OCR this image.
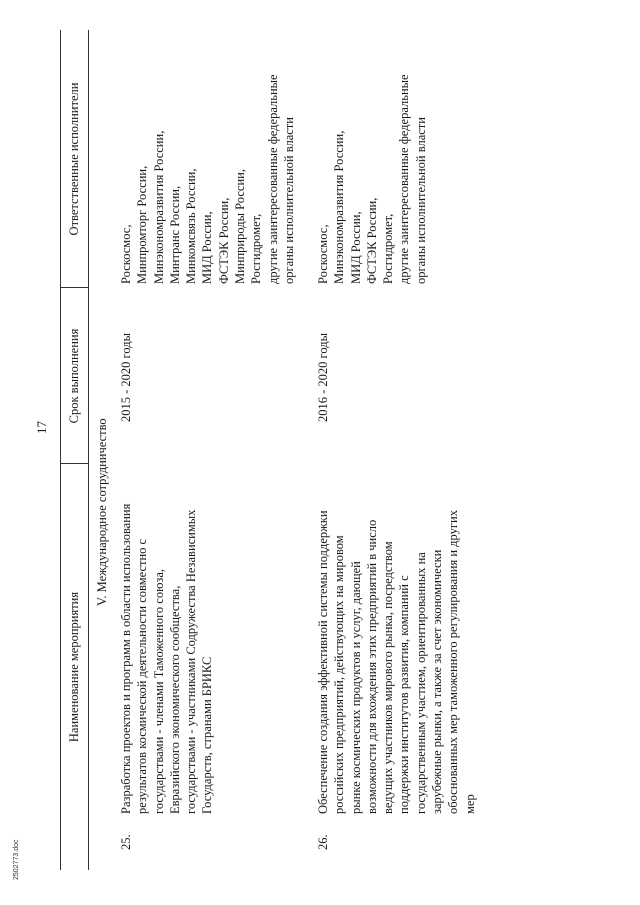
17
Наименование мероприятия
Срок выполнения
Ответственные исполнители
V. Международное сотрудничество
25.
Разработка проектов и программ в области использования
результатов космической деятельности совместно с
государствами - членами Таможенного союза,
Евразийского экономического сообщества,
государствами - участниками Содружества Независимых
Государств, странами БРИКС
2015 - 2020 годы
Роскосмос,
Минпромторг России,
Минэкономразвития России,
Минтранс России,
Минкомсвязь России,
МИД России,
ФСТЭК России,
Минприроды России,
Росгидромет,
другие заинтересованные федеральные
органы исполнительной власти
26.
Обеспечение создания эффективной системы поддержки
российских предприятий, действующих на мировом
рынке космических продуктов и услуг, дающей
возможности для вхождения этих предприятий в число
ведущих участников мирового рынка, посредством
поддержки институтов развития, компаний с
государственным участием, ориентированных на
зарубежные рынки, а также за счет экономически
обоснованных мер таможенного регулирования и других
мер
2016 - 2020 годы
Роскосмос,
Минэкономразвития России,
МИД России,
ФСТЭК России,
Росгидромет,
другие заинтересованные федеральные
органы исполнительной власти
2502773.doc
